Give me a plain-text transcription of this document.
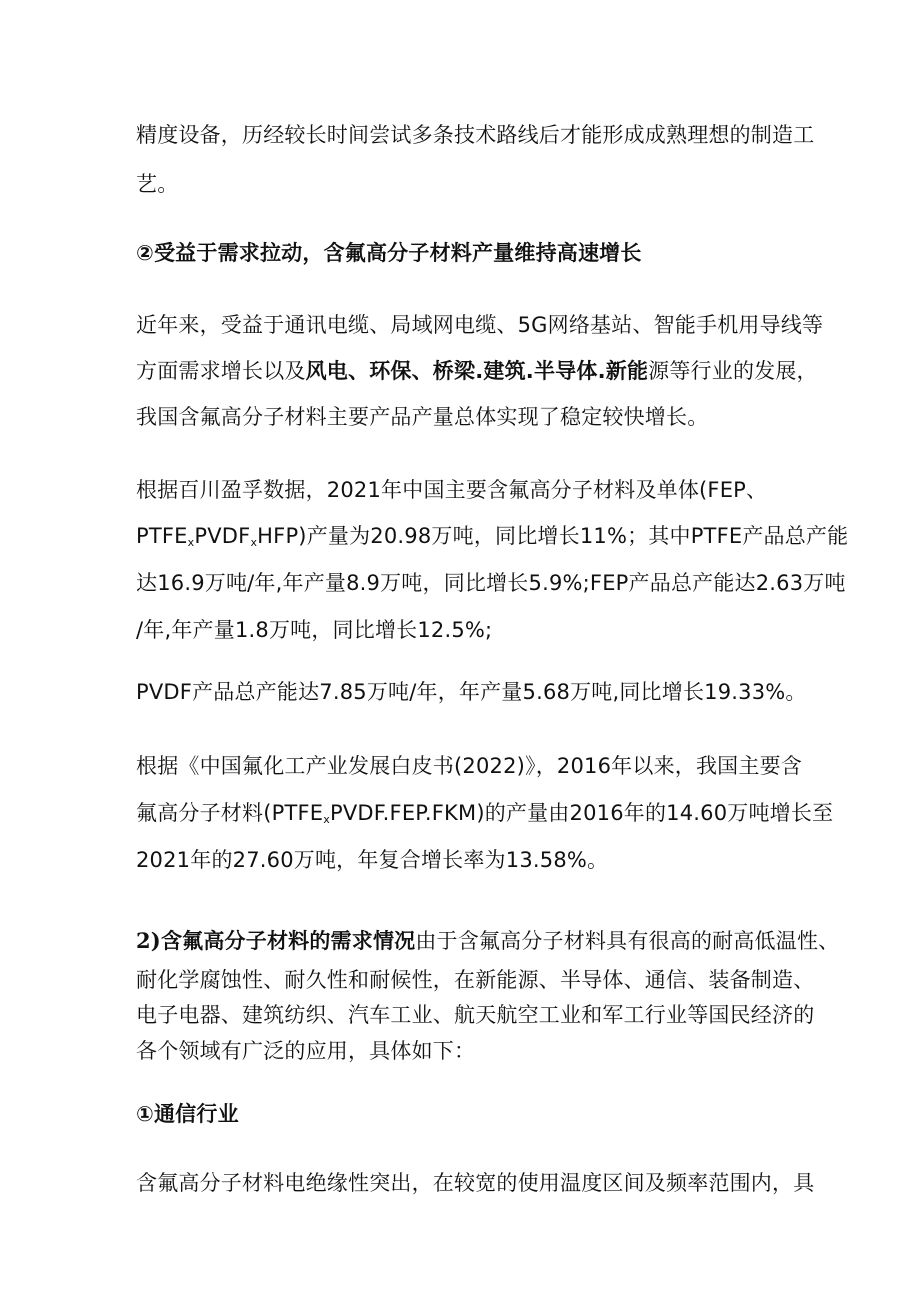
精度设备，历经较长时间尝试多条技术路线后才能形成成熟理想的制造工
艺。
②受益于需求拉动，含氟高分子材料产量维持高速增长
近年来，受益于通讯电缆、局域网电缆、5G网络基站、智能手机用导线等
方面需求增长以及风电、环保、桥梁.建筑.半导体.新能源等行业的发展，
我国含氟高分子材料主要产品产量总体实现了稳定较快增长。
根据百川盈孚数据，2021年中国主要含氟高分子材料及单体(FEP、
$PTFE_xPVDF_xHFP$)产量为20.98万吨，同比增长11%；其中PTFE产品总产能
达16.9万吨/年,年产量8.9万吨，同比增长5.9%;FEP产品总产能达2.63万吨
/年,年产量1.8万吨，同比增长12.5%;
PVDF产品总产能达7.85万吨/年，年产量5.68万吨,同比增长19.33%。
根据《中国氟化工产业发展白皮书(2022)》，2016年以来，我国主要含
氟高分子材料$(PTFE_xPVDF.FEP.FKM)$的产量由2016年的14.60万吨增长至
2021年的27.60万吨，年复合增长率为13.58%。
2)含氟高分子材料的需求情况由于含氟高分子材料具有很高的耐高低温性、
耐化学腐蚀性、耐久性和耐候性，在新能源、半导体、通信、装备制造、
电子电器、建筑纺织、汽车工业、航天航空工业和军工行业等国民经济的
各个领域有广泛的应用，具体如下：
①通信行业
含氟高分子材料电绝缘性突出，在较宽的使用温度区间及频率范围内，具
